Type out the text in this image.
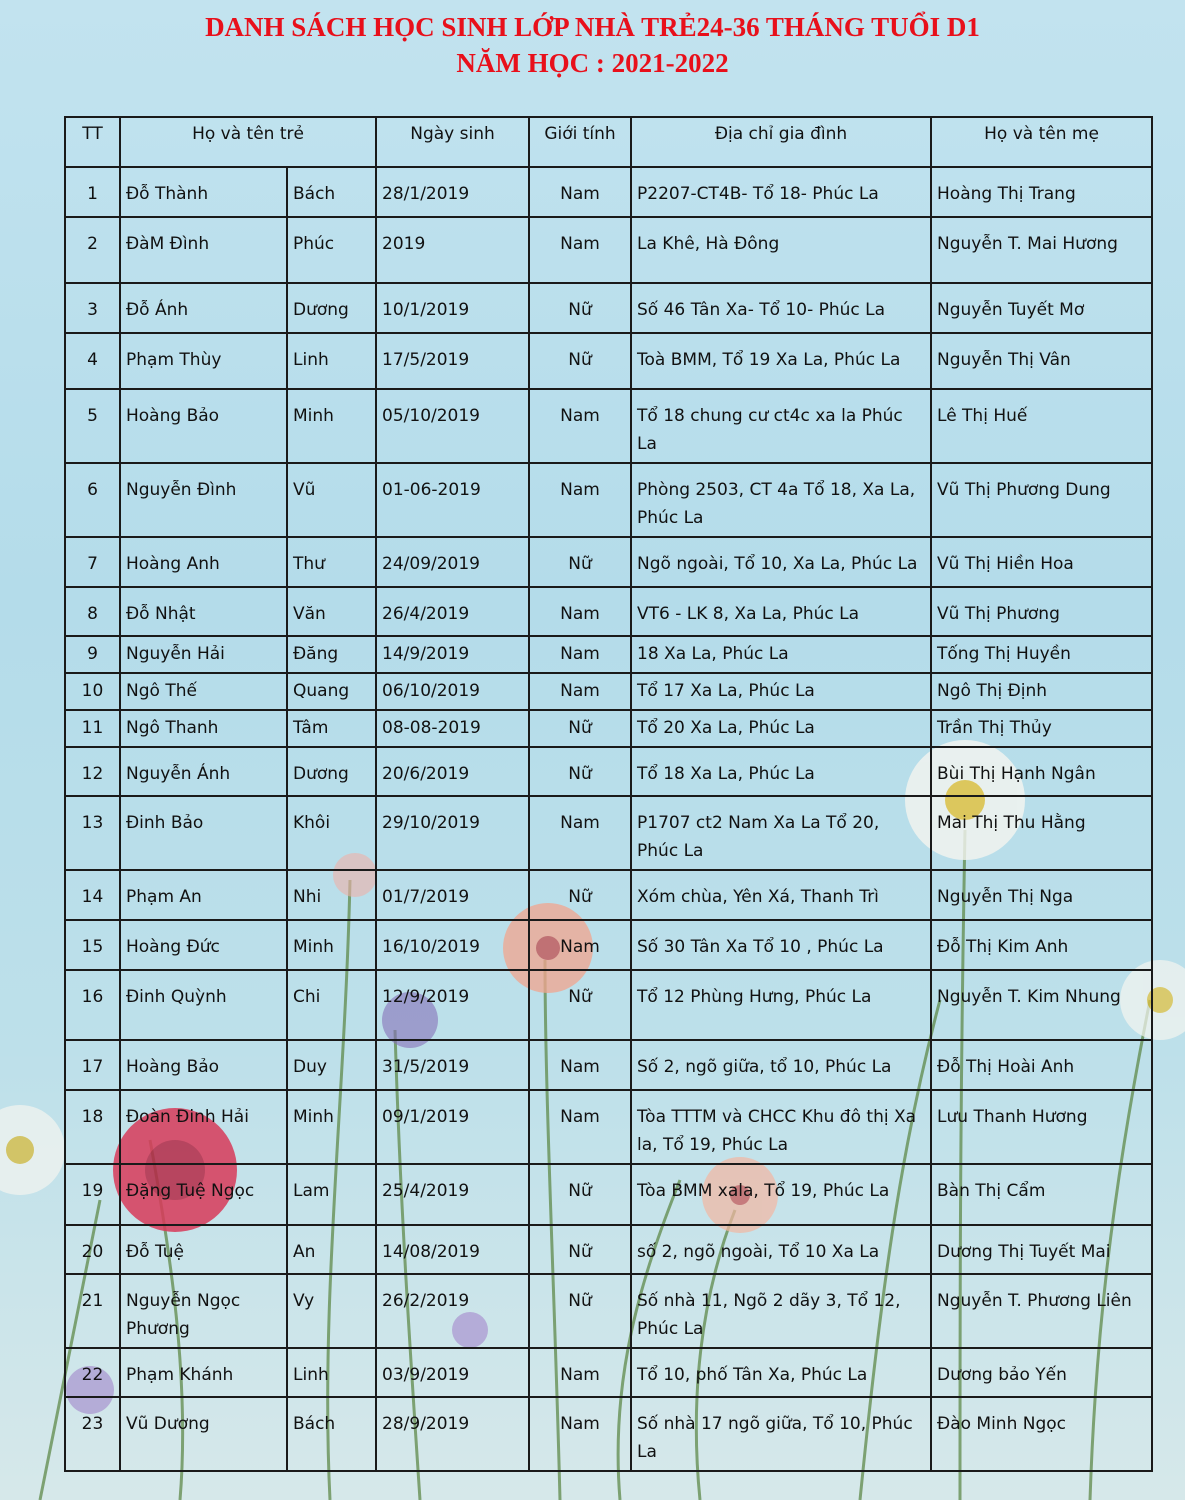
DANH SÁCH HỌC SINH LỚP NHÀ TRẺ24-36 THÁNG TUỔI D1
NĂM HỌC : 2021-2022
TT	Họ và tên trẻ		Ngày sinh	Giới tính	Địa chỉ gia đình	Họ và tên mẹ
1	Đỗ Thành	Bách	28/1/2019	Nam	P2207-CT4B- Tổ 18- Phúc La	Hoàng Thị Trang
2	ĐàM Đình	Phúc	2019	Nam	La Khê, Hà Đông	Nguyễn T. Mai Hương
3	Đỗ Ánh	Dương	10/1/2019	Nữ	Số 46 Tân Xa- Tổ 10- Phúc La	Nguyễn Tuyết Mơ
4	Phạm Thùy	Linh	17/5/2019	Nữ	Toà BMM, Tổ 19 Xa La, Phúc La	Nguyễn Thị Vân
5	Hoàng Bảo	Minh	05/10/2019	Nam	Tổ 18 chung cư ct4c xa la Phúc La	Lê Thị Huế
6	Nguyễn Đình	Vũ	01-06-2019	Nam	Phòng 2503, CT 4a Tổ 18, Xa La, Phúc La	Vũ Thị Phương Dung
7	Hoàng Anh	Thư	24/09/2019	Nữ	Ngõ ngoài, Tổ 10, Xa La, Phúc La	Vũ Thị Hiền Hoa
8	Đỗ Nhật	Văn	26/4/2019	Nam	VT6 - LK 8, Xa La, Phúc La	Vũ Thị Phương
9	Nguyễn Hải	Đăng	14/9/2019	Nam	18 Xa La, Phúc La	Tống Thị Huyền
10	Ngô Thế	Quang	06/10/2019	Nam	Tổ 17 Xa La, Phúc La	Ngô Thị Định
11	Ngô Thanh	Tâm	08-08-2019	Nữ	Tổ 20 Xa La, Phúc La	Trần Thị Thủy
12	Nguyễn Ánh	Dương	20/6/2019	Nữ	Tổ 18 Xa La, Phúc La	Bùi Thị Hạnh Ngân
13	Đinh Bảo	Khôi	29/10/2019	Nam	P1707 ct2 Nam Xa La Tổ 20, Phúc La	Mai Thị Thu Hằng
14	Phạm An	Nhi	01/7/2019	Nữ	Xóm chùa, Yên Xá, Thanh Trì	Nguyễn Thị Nga
15	Hoàng Đức	Minh	16/10/2019	Nam	Số 30 Tân Xa Tổ 10 , Phúc La	Đỗ Thị Kim Anh
16	Đinh Quỳnh	Chi	12/9/2019	Nữ	Tổ 12 Phùng Hưng, Phúc La	Nguyễn T. Kim Nhung
17	Hoàng Bảo	Duy	31/5/2019	Nam	Số 2, ngõ giữa, tổ 10, Phúc La	Đỗ Thị Hoài Anh
18	Đoàn Đinh Hải	Minh	09/1/2019	Nam	Tòa TTTM và CHCC Khu đô thị Xa la, Tổ 19, Phúc La	Lưu Thanh Hương
19	Đặng Tuệ Ngọc	Lam	25/4/2019	Nữ	Tòa BMM xala, Tổ 19, Phúc La	Bàn Thị Cẩm
20	Đỗ Tuệ	An	14/08/2019	Nữ	số 2, ngõ ngoài, Tổ 10 Xa La	Dương Thị Tuyết Mai
21	Nguyễn Ngọc Phương	Vy	26/2/2019	Nữ	Số nhà 11, Ngõ 2 dãy 3, Tổ 12, Phúc La	Nguyễn T. Phương Liên
22	Phạm Khánh	Linh	03/9/2019	Nam	Tổ 10, phố Tân Xa, Phúc La	Dương bảo Yến
23	Vũ Dương	Bách	28/9/2019	Nam	Số nhà 17 ngõ giữa, Tổ 10, Phúc La	Đào Minh Ngọc
